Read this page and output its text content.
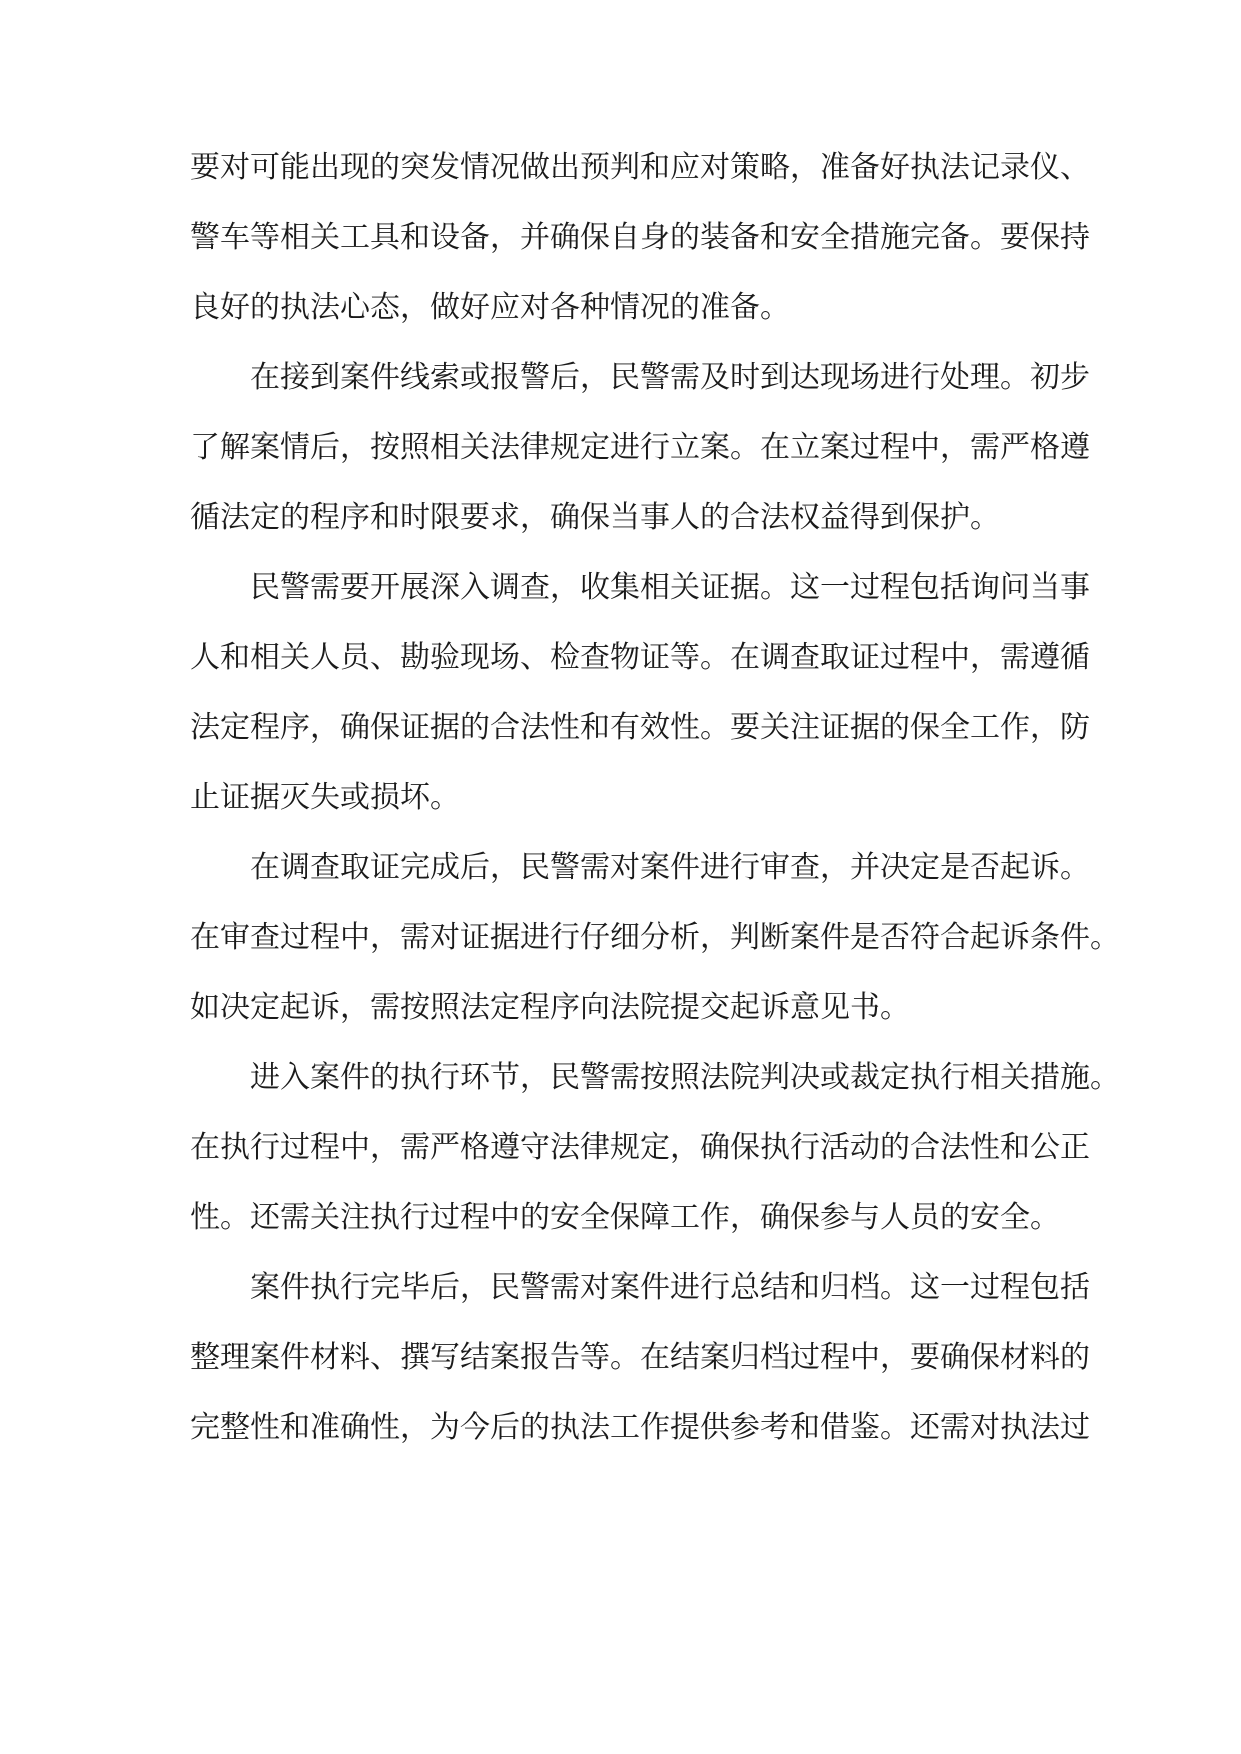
要对可能出现的突发情况做出预判和应对策略，准备好执法记录仪、
警车等相关工具和设备，并确保自身的装备和安全措施完备。要保持
良好的执法心态，做好应对各种情况的准备。

在接到案件线索或报警后，民警需及时到达现场进行处理。初步
了解案情后，按照相关法律规定进行立案。在立案过程中，需严格遵
循法定的程序和时限要求，确保当事人的合法权益得到保护。

民警需要开展深入调查，收集相关证据。这一过程包括询问当事
人和相关人员、勘验现场、检查物证等。在调查取证过程中，需遵循
法定程序，确保证据的合法性和有效性。要关注证据的保全工作，防
止证据灭失或损坏。

在调查取证完成后，民警需对案件进行审查，并决定是否起诉。
在审查过程中，需对证据进行仔细分析，判断案件是否符合起诉条件。
如决定起诉，需按照法定程序向法院提交起诉意见书。

进入案件的执行环节，民警需按照法院判决或裁定执行相关措施。
在执行过程中，需严格遵守法律规定，确保执行活动的合法性和公正
性。还需关注执行过程中的安全保障工作，确保参与人员的安全。

案件执行完毕后，民警需对案件进行总结和归档。这一过程包括
整理案件材料、撰写结案报告等。在结案归档过程中，要确保材料的
完整性和准确性，为今后的执法工作提供参考和借鉴。还需对执法过
